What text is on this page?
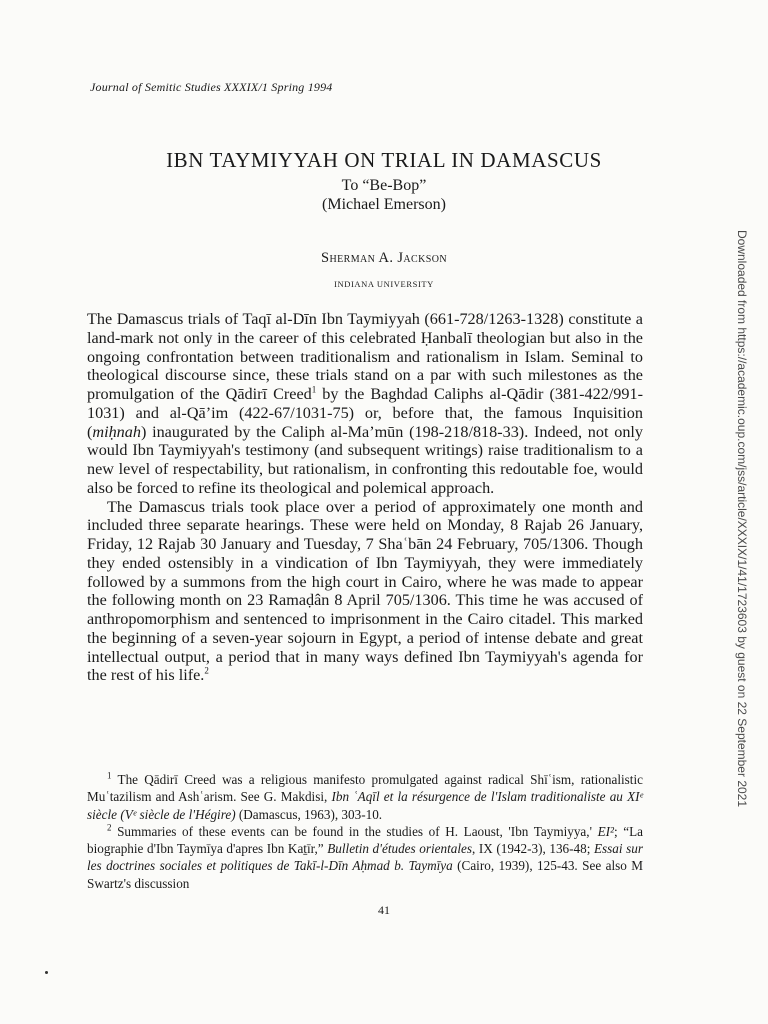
Journal of Semitic Studies XXXIX/1 Spring 1994
IBN TAYMIYYAH ON TRIAL IN DAMASCUS
To “Be-Bop”
(Michael Emerson)
Sherman A. Jackson
INDIANA UNIVERSITY

The Damascus trials of Taqī al-Dīn Ibn Taymiyyah (661-728/1263-1328) constitute a land-mark not only in the career of this celebrated Ḥanbalī theologian but also in the ongoing confrontation between traditionalism and rationalism in Islam. Seminal to theological discourse since, these trials stand on a par with such milestones as the promulgation of the Qādirī Creed$^1$ by the Baghdad Caliphs al-Qādir (381-422/991-1031) and al-Qāʼim (422-67/1031-75) or, before that, the famous Inquisition (miḥnah) inaugurated by the Caliph al-Maʼmūn (198-218/818-33). Indeed, not only would Ibn Taymiyyah's testimony (and subsequent writings) raise traditionalism to a new level of respectability, but rationalism, in confronting this redoutable foe, would also be forced to refine its theological and polemical approach.

The Damascus trials took place over a period of approximately one month and included three separate hearings. These were held on Monday, 8 Rajab 26 January, Friday, 12 Rajab 30 January and Tuesday, 7 Shaʿbān 24 February, 705/1306. Though they ended ostensibly in a vindication of Ibn Taymiyyah, they were immediately followed by a summons from the high court in Cairo, where he was made to appear the following month on 23 Ramaḍân 8 April 705/1306. This time he was accused of anthropomorphism and sentenced to imprisonment in the Cairo citadel. This marked the beginning of a seven-year sojourn in Egypt, a period of intense debate and great intellectual output, a period that in many ways defined Ibn Taymiyyah's agenda for the rest of his life.$^2$

$^1$ The Qādirī Creed was a religious manifesto promulgated against radical Shīʿism, rationalistic Muʿtazilism and Ashʿarism. See G. Makdisi, Ibn ʿAqīl et la résurgence de l'Islam traditionaliste au XIᵉ siècle (Vᵉ siècle de l'Hégire) (Damascus, 1963), 303-10.

$^2$ Summaries of these events can be found in the studies of H. Laoust, 'Ibn Taymiyya,' EI²; “La biographie d'Ibn Taymīya d'apres Ibn Kaṯīr,” Bulletin d'études orientales, IX (1942-3), 136-48; Essai sur les doctrines sociales et politiques de Takī-l-Dīn Aḥmad b. Taymīya (Cairo, 1939), 125-43. See also M Swartz's discussion

41
Downloaded from https://academic.oup.com/jss/article/XXXIX/1/41/1723603 by guest on 22 September 2021
